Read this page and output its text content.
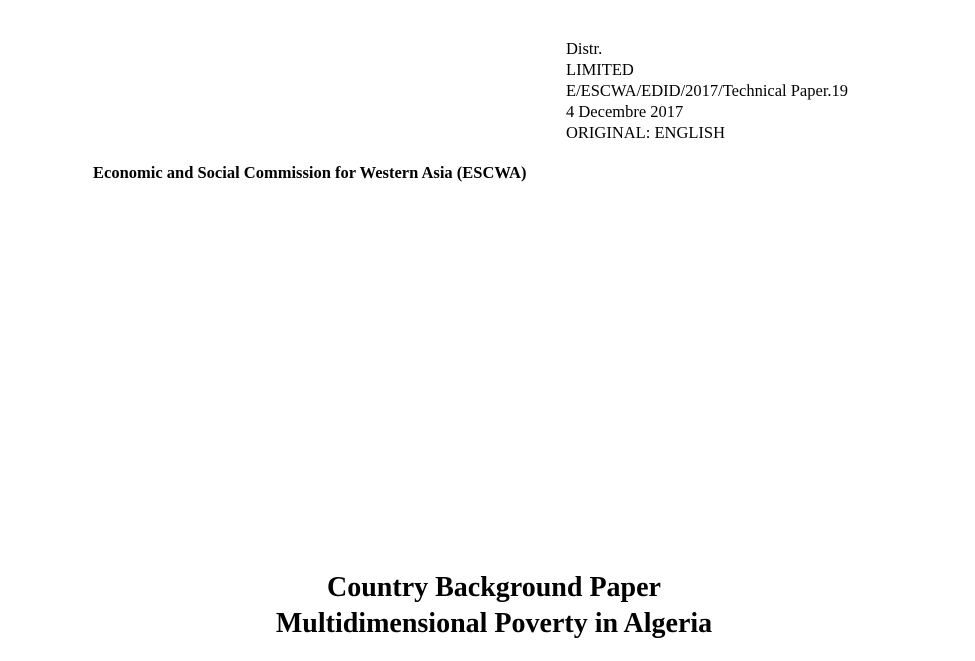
Distr.
LIMITED
E/ESCWA/EDID/2017/Technical Paper.19
4 Decembre 2017
ORIGINAL: ENGLISH
Economic and Social Commission for Western Asia (ESCWA)
Country Background Paper
Multidimensional Poverty in Algeria
